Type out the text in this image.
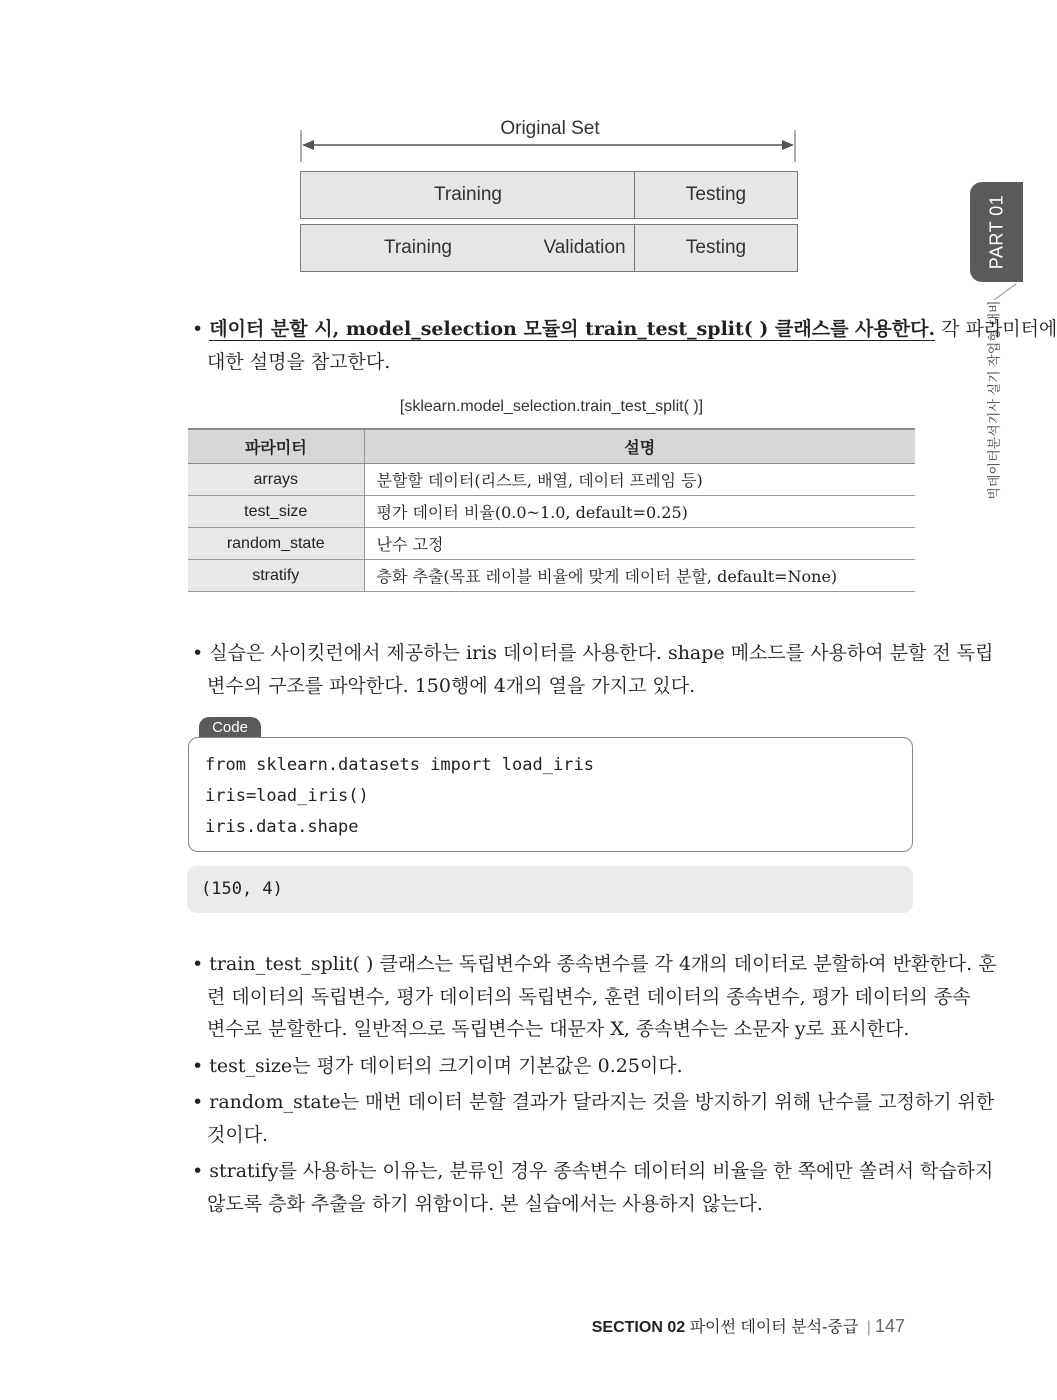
Original Set
Training	Testing
Training	Validation	Testing	PART 01
빅데이터분석기사 실기 작업형 대비
• 데이터 분할 시, model_selection 모듈의 train_test_split( ) 클래스를 사용한다. 각 파라미터에
대한 설명을 참고한다.
[sklearn.model_selection.train_test_split( )]
파라미터	설명
arrays	분할할 데이터(리스트, 배열, 데이터 프레임 등)
test_size	평가 데이터 비율(0.0~1.0, default=0.25)
random_state	난수 고정
stratify	층화 추출(목표 레이블 비율에 맞게 데이터 분할, default=None)
• 실습은 사이킷런에서 제공하는 iris 데이터를 사용한다. shape 메소드를 사용하여 분할 전 독립
변수의 구조를 파악한다. 150행에 4개의 열을 가지고 있다.
Code
from sklearn.datasets import load_iris
iris=load_iris()
iris.data.shape
(150, 4)
• train_test_split( ) 클래스는 독립변수와 종속변수를 각 4개의 데이터로 분할하여 반환한다. 훈
련 데이터의 독립변수, 평가 데이터의 독립변수, 훈련 데이터의 종속변수, 평가 데이터의 종속
변수로 분할한다. 일반적으로 독립변수는 대문자 X, 종속변수는 소문자 y로 표시한다.
• test_size는 평가 데이터의 크기이며 기본값은 0.25이다.
• random_state는 매번 데이터 분할 결과가 달라지는 것을 방지하기 위해 난수를 고정하기 위한
것이다.
• stratify를 사용하는 이유는, 분류인 경우 종속변수 데이터의 비율을 한 쪽에만 쏠려서 학습하지
않도록 층화 추출을 하기 위함이다. 본 실습에서는 사용하지 않는다.
SECTION 02 파이썬 데이터 분석-중급 | 147
